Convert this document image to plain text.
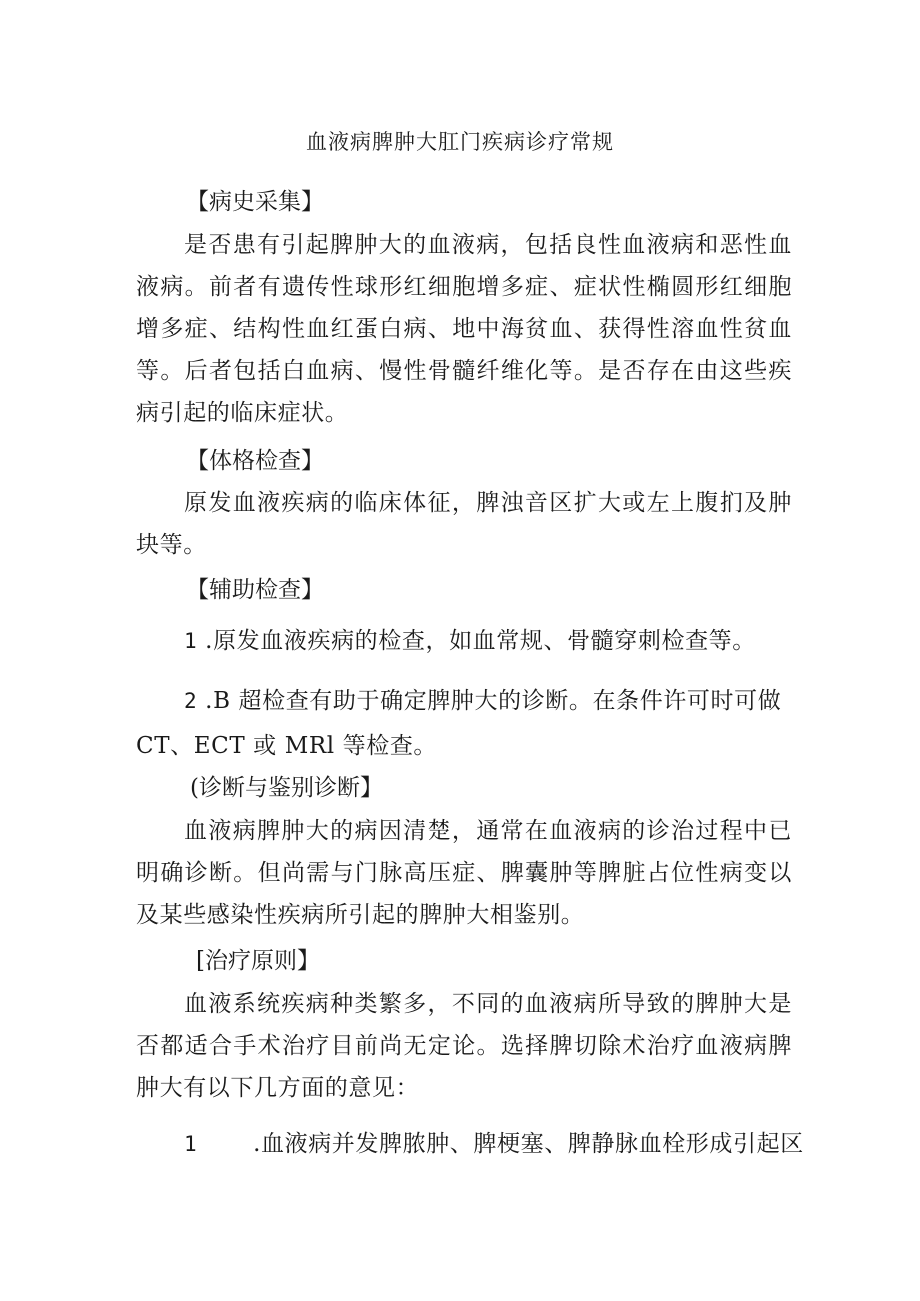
血液病脾肿大肛门疾病诊疗常规
【病史采集】
是否患有引起脾肿大的血液病，包括良性血液病和恶性血液病。前者有遗传性球形红细胞增多症、症状性椭圆形红细胞增多症、结构性血红蛋白病、地中海贫血、获得性溶血性贫血等。后者包括白血病、慢性骨髓纤维化等。是否存在由这些疾病引起的临床症状。
【体格检查】
原发血液疾病的临床体征，脾浊音区扩大或左上腹扪及肿块等。
【辅助检查】
1 .原发血液疾病的检查，如血常规、骨髓穿刺检查等。
2 .B 超检查有助于确定脾肿大的诊断。在条件许可时可做
CT、ECT 或 MRl 等检查。
(诊断与鉴别诊断】
血液病脾肿大的病因清楚，通常在血液病的诊治过程中已明确诊断。但尚需与门脉高压症、脾囊肿等脾脏占位性病变以及某些感染性疾病所引起的脾肿大相鉴别。
[治疗原则】
血液系统疾病种类繁多，不同的血液病所导致的脾肿大是否都适合手术治疗目前尚无定论。选择脾切除术治疗血液病脾肿大有以下几方面的意见：
1 .血液病并发脾脓肿、脾梗塞、脾静脉血栓形成引起区
